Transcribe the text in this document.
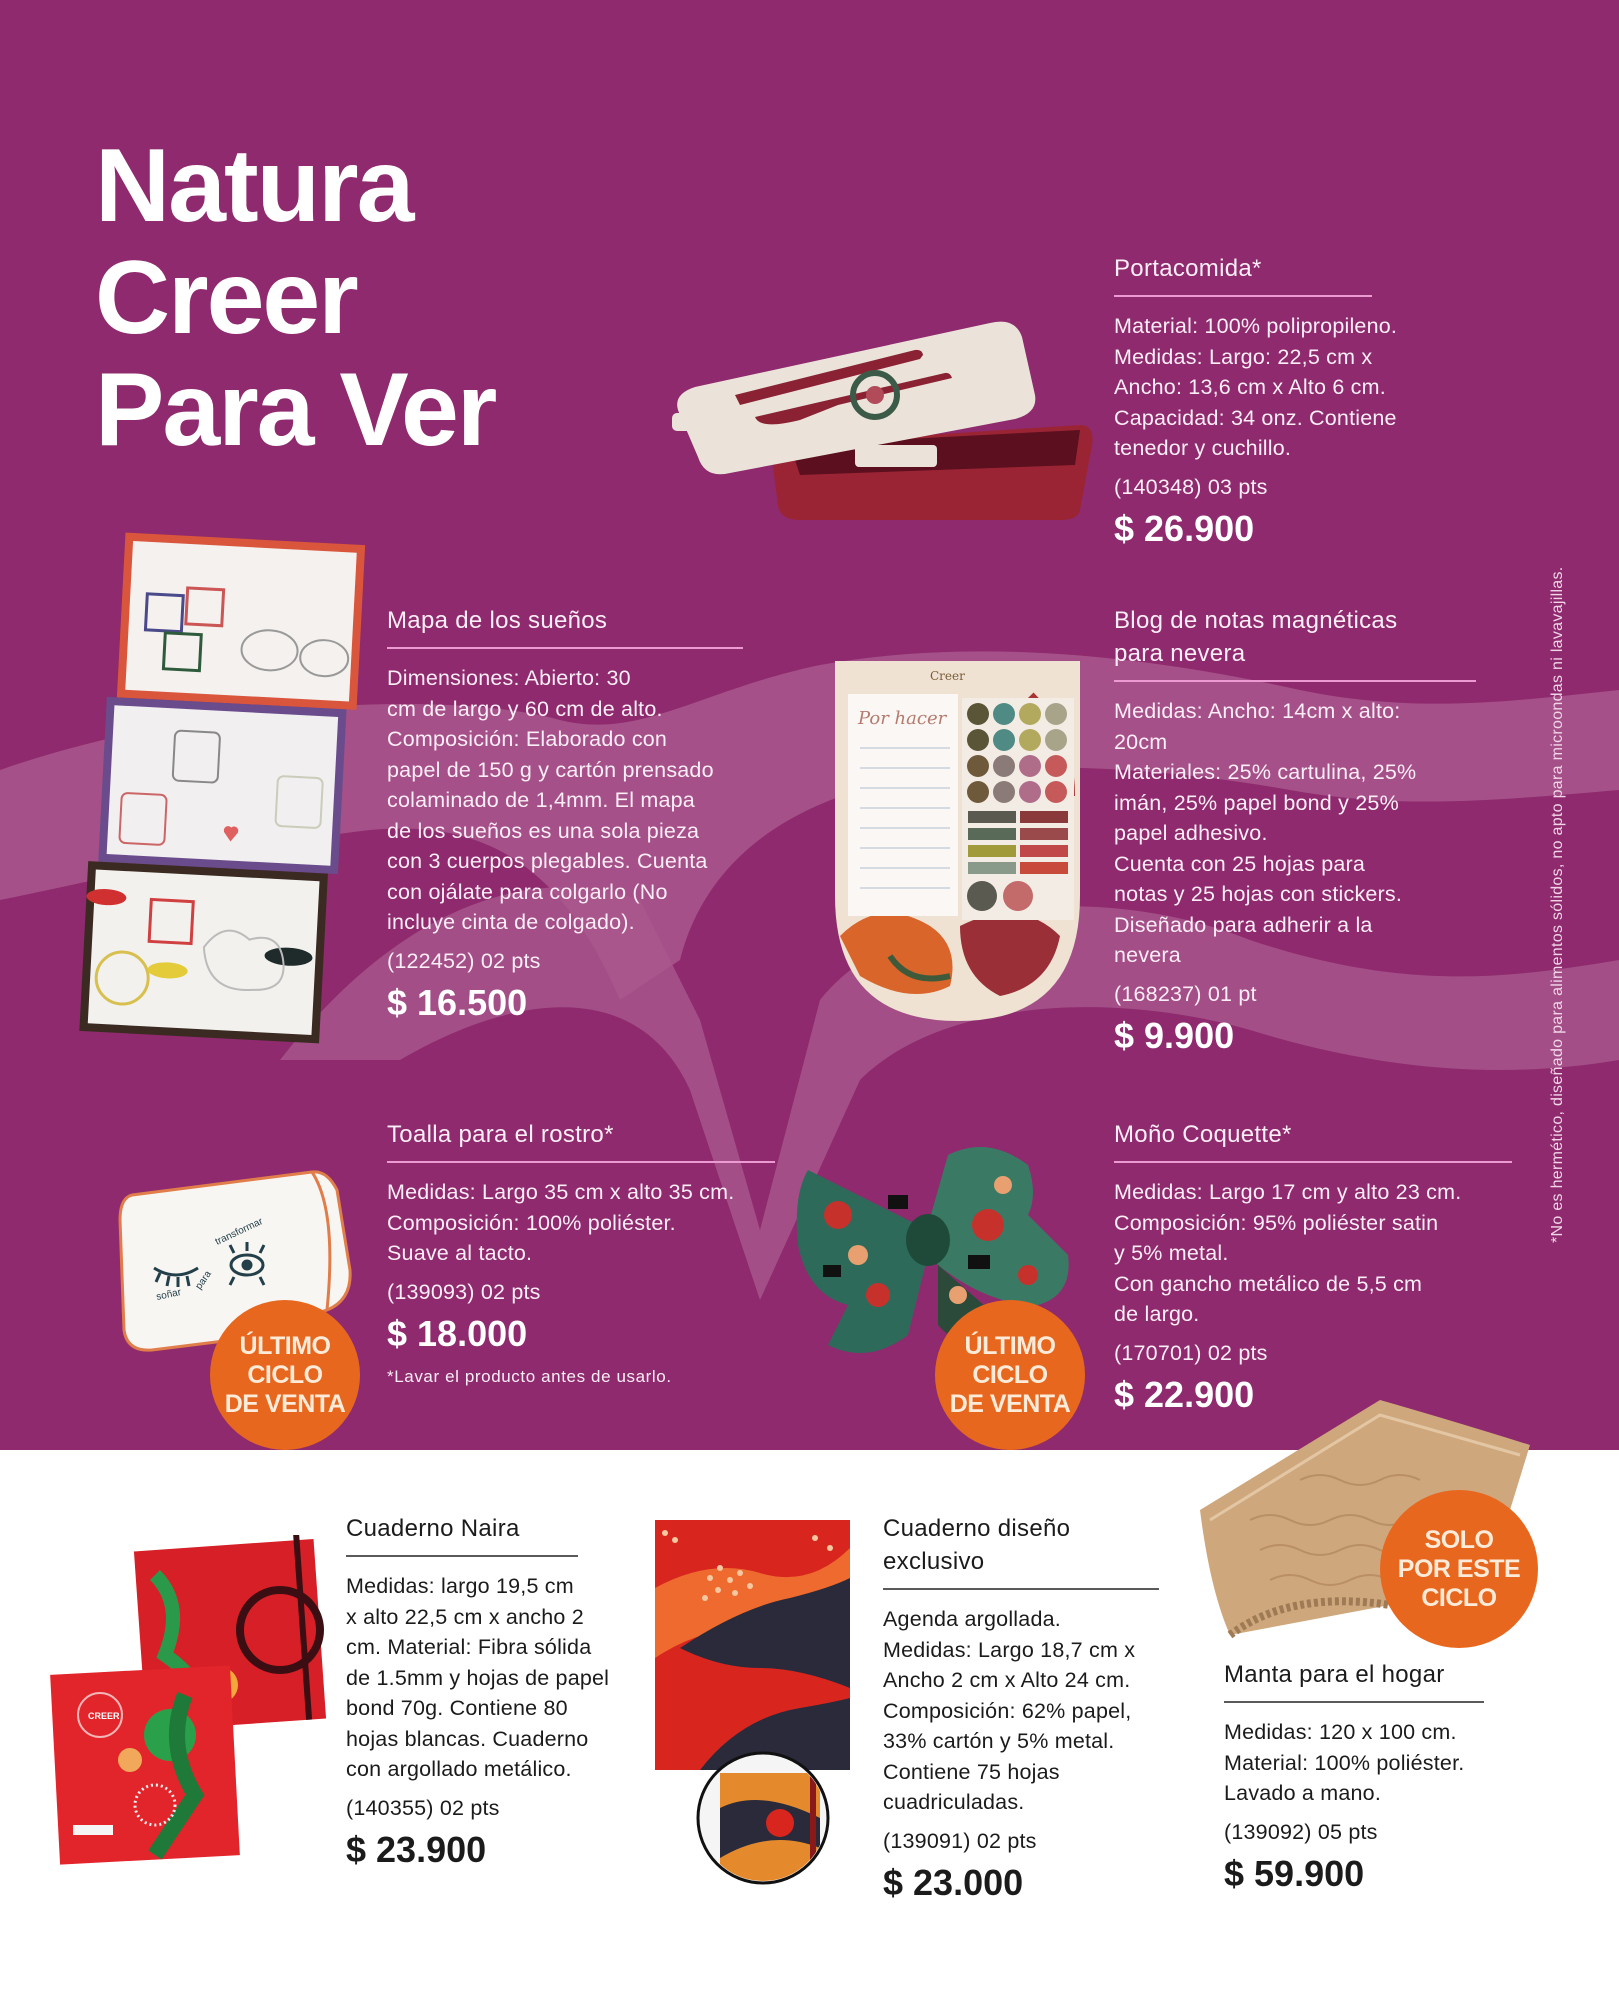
Natura
Creer
Para Ver
Portacomida*
Material: 100% polipropileno.
Medidas: Largo: 22,5 cm x
Ancho: 13,6 cm x Alto 6 cm.
Capacidad: 34 onz. Contiene
tenedor y cuchillo.
(140348) 03 pts
$ 26.900
Mapa de los sueños
Dimensiones: Abierto: 30
cm de largo y 60 cm de alto.
Composición: Elaborado con
papel de 150 g y cartón prensado
colaminado de 1,4mm. El mapa
de los sueños es una sola pieza
con 3 cuerpos plegables. Cuenta
con ojálate para colgarlo (No
incluye cinta de colgado).
(122452) 02 pts
$ 16.500
Creer
Por hacer
Blog de notas magnéticas
para nevera
Medidas: Ancho: 14cm x alto:
20cm
Materiales: 25% cartulina, 25%
imán, 25% papel bond y 25%
papel adhesivo.
Cuenta con 25 hojas para
notas y 25 hojas con stickers.
Diseñado para adherir a la
nevera
(168237) 01 pt
$ 9.900
soñar
para
transformar
ÚLTIMO
CICLO
DE VENTA
Toalla para el rostro*
Medidas: Largo 35 cm x alto 35 cm.
Composición: 100% poliéster.
Suave al tacto.
(139093) 02 pts
$ 18.000
*Lavar el producto antes de usarlo.
ÚLTIMO
CICLO
DE VENTA
Moño Coquette*
Medidas: Largo 17 cm y alto 23 cm.
Composición: 95% poliéster satin
y 5% metal.
Con gancho metálico de 5,5 cm
de largo.
(170701) 02 pts
$ 22.900
*No es hermético, diseñado para alimentos sólidos, no apto para microondas ni lavavajillas.
SOLO
POR ESTE
CICLO
CREER
Cuaderno Naira
Medidas: largo 19,5 cm
x alto 22,5 cm x ancho 2
cm. Material: Fibra sólida
de 1.5mm y hojas de papel
bond 70g. Contiene 80
hojas blancas. Cuaderno
con argollado metálico.
(140355) 02 pts
$ 23.900
Cuaderno diseño
exclusivo
Agenda argollada.
Medidas: Largo 18,7 cm x
Ancho 2 cm x Alto 24 cm.
Composición: 62% papel,
33% cartón y 5% metal.
Contiene 75 hojas
cuadriculadas.
(139091) 02 pts
$ 23.000
Manta para el hogar
Medidas: 120 x 100 cm.
Material: 100% poliéster.
Lavado a mano.
(139092) 05 pts
$ 59.900
